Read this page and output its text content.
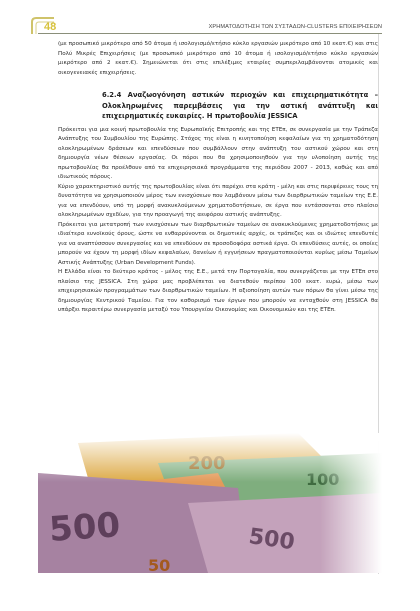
48	ΧΡΗΜΑΤΟΔΟΤΗΣΗ ΤΩΝ ΣΥΣΤΑΔΩΝ-CLUSTERS ΕΠΙΧΕΙΡΗΣΕΩΝ

(με προσωπικό μικρότερο από 50 άτομα ή ισολογισμό/ετήσιο κύκλο εργασιών μικρότερο από 10 εκατ.€) και στις Πολύ Μικρές Επιχειρήσεις (με προσωπικό μικρότερο από 10 άτομα ή ισολογισμό/ετήσιο κύκλο εργασιών μικρότερο από 2 εκατ.€). Σημειώνεται ότι στις επιλέξιμες εταιρίες συμπεριλαμβάνονται ατομικές και οικογενειακές επιχειρήσεις.

6.2.4 Αναζωογόνηση αστικών περιοχών και επιχειρηματικότητα – Ολοκληρωμένες παρεμβάσεις για την αστική ανάπτυξη και επιχειρηματικές ευκαιρίες. Η πρωτοβουλία JESSICA

Πρόκειται για μια κοινή πρωτοβουλία της Ευρωπαϊκής Επιτροπής και της ΕΤΕπ, σε συνεργασία με την Τράπεζα Ανάπτυξης του Συμβουλίου της Ευρώπης. Στόχος της είναι η κινητοποίηση κεφαλαίων για τη χρηματοδότηση ολοκληρωμένων δράσεων και επενδύσεων που συμβάλλουν στην ανάπτυξη του αστικού χώρου και στη δημιουργία νέων θέσεων εργασίας. Οι πόροι που θα χρησιμοποιηθούν για την υλοποίηση αυτής της πρωτοβουλίας θα προέλθουν από τα επιχειρησιακά προγράμματα της περιόδου 2007 - 2013, καθώς και από ιδιωτικούς πόρους.

Κύριο χαρακτηριστικό αυτής της πρωτοβουλίας είναι ότι παρέχει στα κράτη - μέλη και στις περιφέρειες τους τη δυνατότητα να χρησιμοποιούν μέρος των ενισχύσεων που λαμβάνουν μέσω των διαρθρωτικών ταμείων της Ε.Ε. για να επενδύουν, υπό τη μορφή ανακυκλούμενων χρηματοδοτήσεων, σε έργα που εντάσσονται στο πλαίσιο ολοκληρωμένων σχεδίων, για την προαγωγή της αειφόρου αστικής ανάπτυξης.

Πρόκειται για μετατροπή των ενισχύσεων των διαρθρωτικών ταμείων σε ανακυκλούμενες χρηματοδοτήσεις με ιδιαίτερα ευνοϊκούς όρους, ώστε να ενθαρρύνονται οι δημοτικές αρχές, οι τράπεζες και οι ιδιώτες επενδυτές για να αναπτύσσουν συνεργασίες και να επενδύουν σε προσοδοφόρα αστικά έργα. Οι επενδύσεις αυτές, οι οποίες μπορούν να έχουν τη μορφή ιδίων κεφαλαίων, δανείων ή εγγυήσεων πραγματοποιούνται κυρίως μέσω Ταμείων Αστικής Ανάπτυξης (Urban Development Funds).

Η Ελλάδα είναι το δεύτερο κράτος - μέλος της Ε.Ε., μετά την Πορτογαλία, που συνεργάζεται με την ΕΤΕπ στο πλαίσιο της JESSICA. Στη χώρα μας προβλέπεται να διατεθούν περίπου 100 εκατ. ευρώ, μέσω των επιχειρησιακών προγραμμάτων των διαρθρωτικών ταμείων. Η αξιοποίηση αυτών των πόρων θα γίνει μέσω της δημιουργίας Κεντρικού Ταμείου. Για τον καθορισμό των έργων που μπορούν να ενταχθούν στη JESSICA θα υπάρξει περαιτέρω συνεργασία μεταξύ του Υπουργείου Οικονομίας και Οικονομικών και της ΕΤΕπ.
